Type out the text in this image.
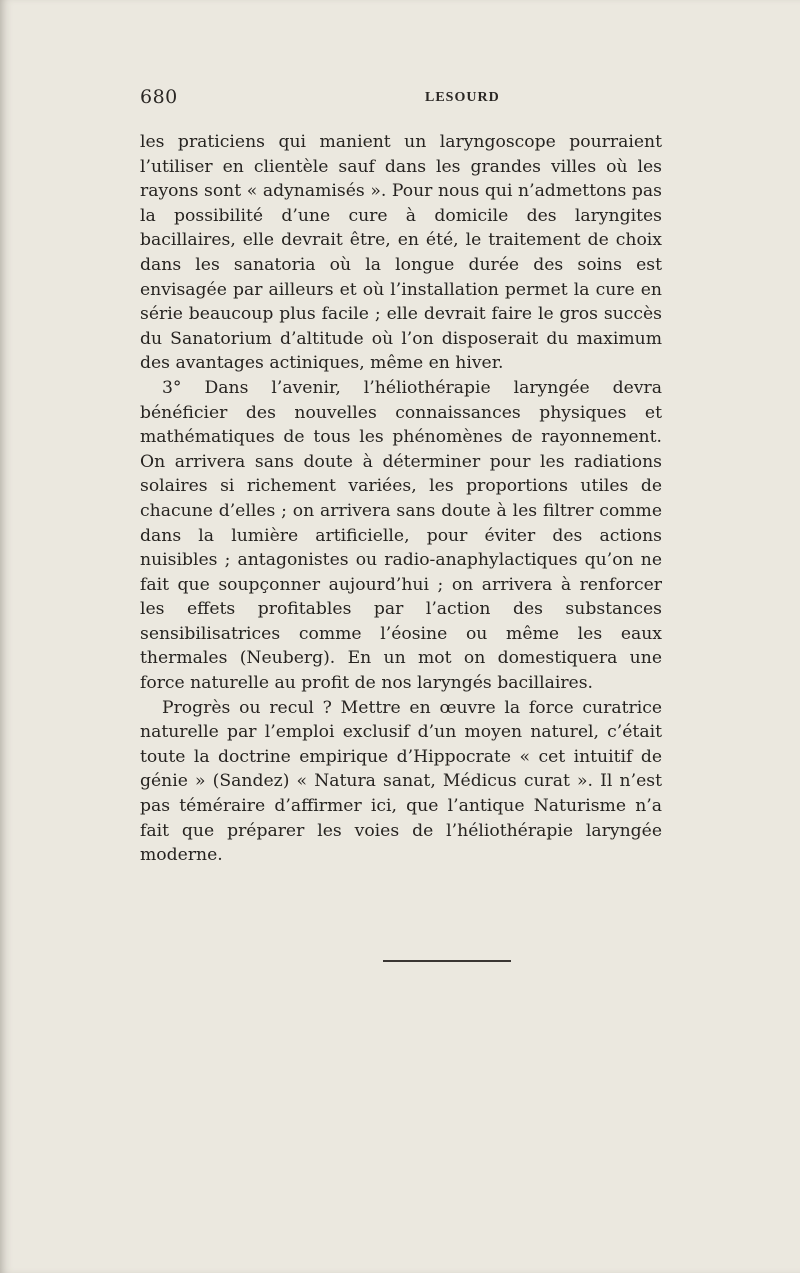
680	LESOURD

les praticiens qui manient un laryngoscope pourraient l’utiliser en clientèle sauf dans les grandes villes où les rayons sont « adynamisés ». Pour nous qui n’admettons pas la possibilité d’une cure à domicile des laryngites bacillaires, elle devrait être, en été, le traitement de choix dans les sanatoria où la longue durée des soins est envisagée par ailleurs et où l’installation permet la cure en série beaucoup plus facile ; elle devrait faire le gros succès du Sanatorium d’altitude où l’on disposerait du maximum des avantages actiniques, même en hiver.

3° Dans l’avenir, l’héliothérapie laryngée devra bénéficier des nouvelles connaissances physiques et mathématiques de tous les phénomènes de rayonnement. On arrivera sans doute à déterminer pour les radiations solaires si richement variées, les proportions utiles de chacune d’elles ; on arrivera sans doute à les filtrer comme dans la lumière artificielle, pour éviter des actions nuisibles ; antagonistes ou radio-anaphylactiques qu’on ne fait que soupçonner aujourd’hui ; on arrivera à renforcer les effets profitables par l’action des substances sensibilisatrices comme l’éosine ou même les eaux thermales (Neuberg). En un mot on domestiquera une force naturelle au profit de nos laryngés bacillaires.

Progrès ou recul ? Mettre en œuvre la force curatrice naturelle par l’emploi exclusif d’un moyen naturel, c’était toute la doctrine empirique d’Hippocrate « cet intuitif de génie » (Sandez) « Natura sanat, Médicus curat ». Il n’est pas téméraire d’affirmer ici, que l’antique Naturisme n’a fait que préparer les voies de l’héliothérapie laryngée moderne.
